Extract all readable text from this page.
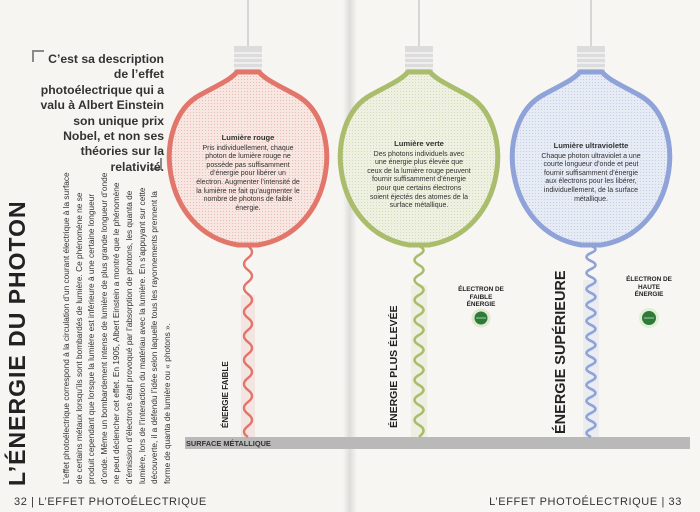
C’est sa description de l’effet photoélectrique qui a valu à Albert Einstein son unique prix Nobel, et non ses théories sur la relativité.

L’ÉNERGIE DU PHOTON	L’effet photoélectrique correspond à la circulation d’un courant électrique à la surface de certains métaux lorsqu’ils sont bombardés de lumière. Ce phénomène ne se produit cependant que lorsque la lumière est inférieure à une certaine longueur d’onde. Même un bombardement intense de lumière de plus grande longueur d’onde ne peut déclencher cet effet. En 1905, Albert Einstein a montré que le phénomène d’émission d’électrons était provoqué par l’absorption de photons, les quanta de lumière, lors de l’interaction du matériau avec la lumière. En s’appuyant sur cette découverte, il a défendu l’idée selon laquelle tous les rayonnements prennent la forme de quanta de lumière ou « photons ».

32 | L’EFFET PHOTOÉLECTRIQUE	L’EFFET PHOTOÉLECTRIQUE | 33
Lumière rouge
Pris individuellement, chaque photon de lumière rouge ne possède pas suffisamment d’énergie pour libérer un électron. Augmenter l’intensité de la lumière ne fait qu’augmenter le nombre de photons de faible énergie.
Lumière verte
Des photons individuels avec une énergie plus élevée que ceux de la lumière rouge peuvent fournir suffisamment d’énergie pour que certains électrons soient éjectés des atomes de la surface métallique.
Lumière ultraviolette
Chaque photon ultraviolet a une courte longueur d’onde et peut fournir suffisamment d’énergie aux électrons pour les libérer, individuellement, de la surface métallique.
ÉNERGIE FAIBLE	ÉNERGIE PLUS ÉLEVÉE	ÉNERGIE SUPÉRIEURE
ÉLECTRON DE FAIBLE ÉNERGIE
ÉLECTRON DE HAUTE ÉNERGIE
SURFACE MÉTALLIQUE
